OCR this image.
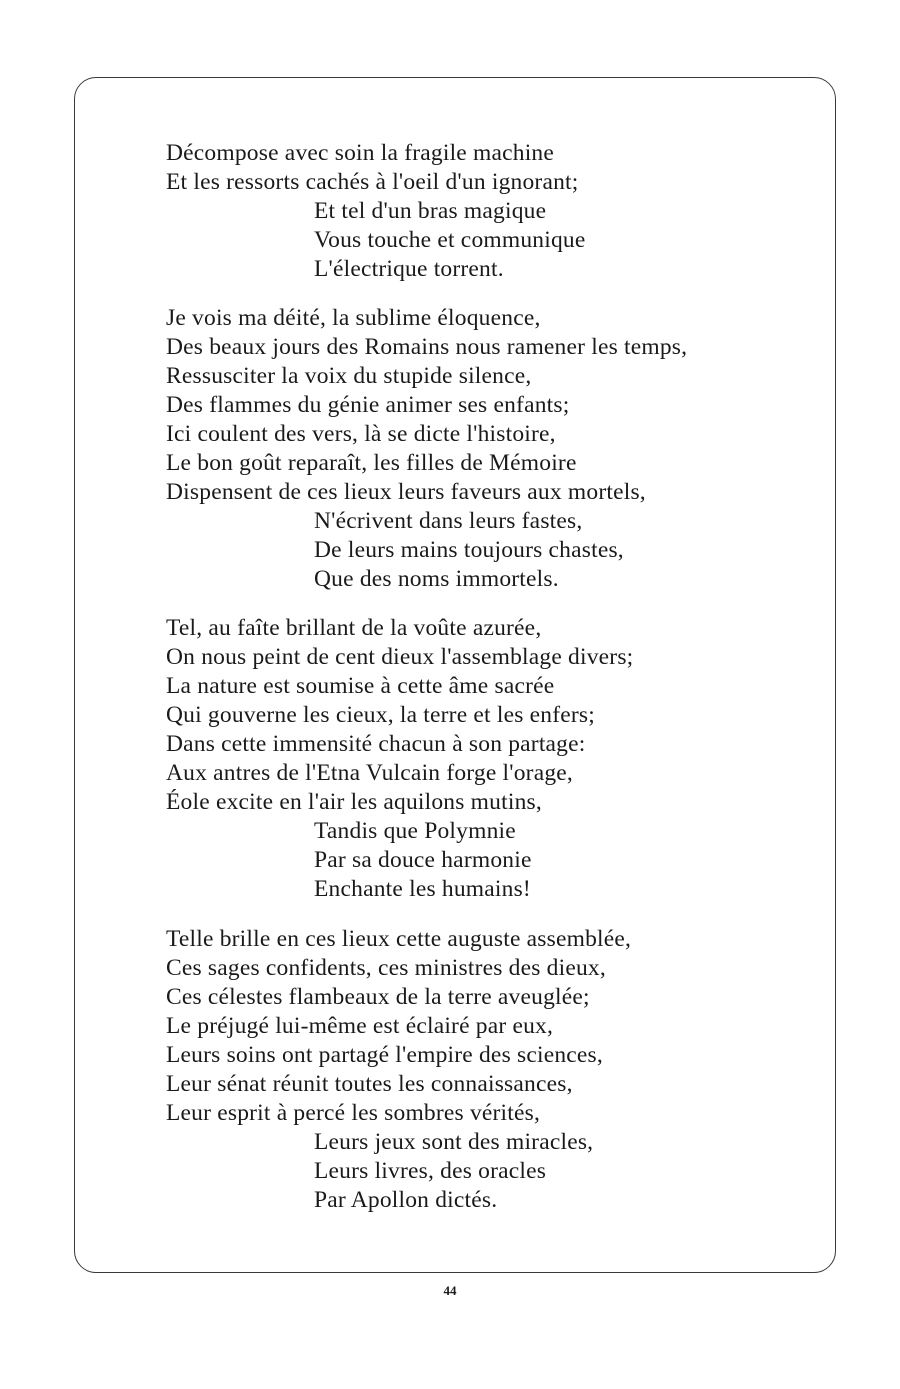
Décompose avec soin la fragile machine
Et les ressorts cachés à l'oeil d'un ignorant;
Et tel d'un bras magique
Vous touche et communique
L'électrique torrent.
Je vois ma déité, la sublime éloquence,
Des beaux jours des Romains nous ramener les temps,
Ressusciter la voix du stupide silence,
Des flammes du génie animer ses enfants;
Ici coulent des vers, là se dicte l'histoire,
Le bon goût reparaît, les filles de Mémoire
Dispensent de ces lieux leurs faveurs aux mortels,
N'écrivent dans leurs fastes,
De leurs mains toujours chastes,
Que des noms immortels.
Tel, au faîte brillant de la voûte azurée,
On nous peint de cent dieux l'assemblage divers;
La nature est soumise à cette âme sacrée
Qui gouverne les cieux, la terre et les enfers;
Dans cette immensité chacun à son partage:
Aux antres de l'Etna Vulcain forge l'orage,
Éole excite en l'air les aquilons mutins,
Tandis que Polymnie
Par sa douce harmonie
Enchante les humains!
Telle brille en ces lieux cette auguste assemblée,
Ces sages confidents, ces ministres des dieux,
Ces célestes flambeaux de la terre aveuglée;
Le préjugé lui-même est éclairé par eux,
Leurs soins ont partagé l'empire des sciences,
Leur sénat réunit toutes les connaissances,
Leur esprit à percé les sombres vérités,
Leurs jeux sont des miracles,
Leurs livres, des oracles
Par Apollon dictés.
44
